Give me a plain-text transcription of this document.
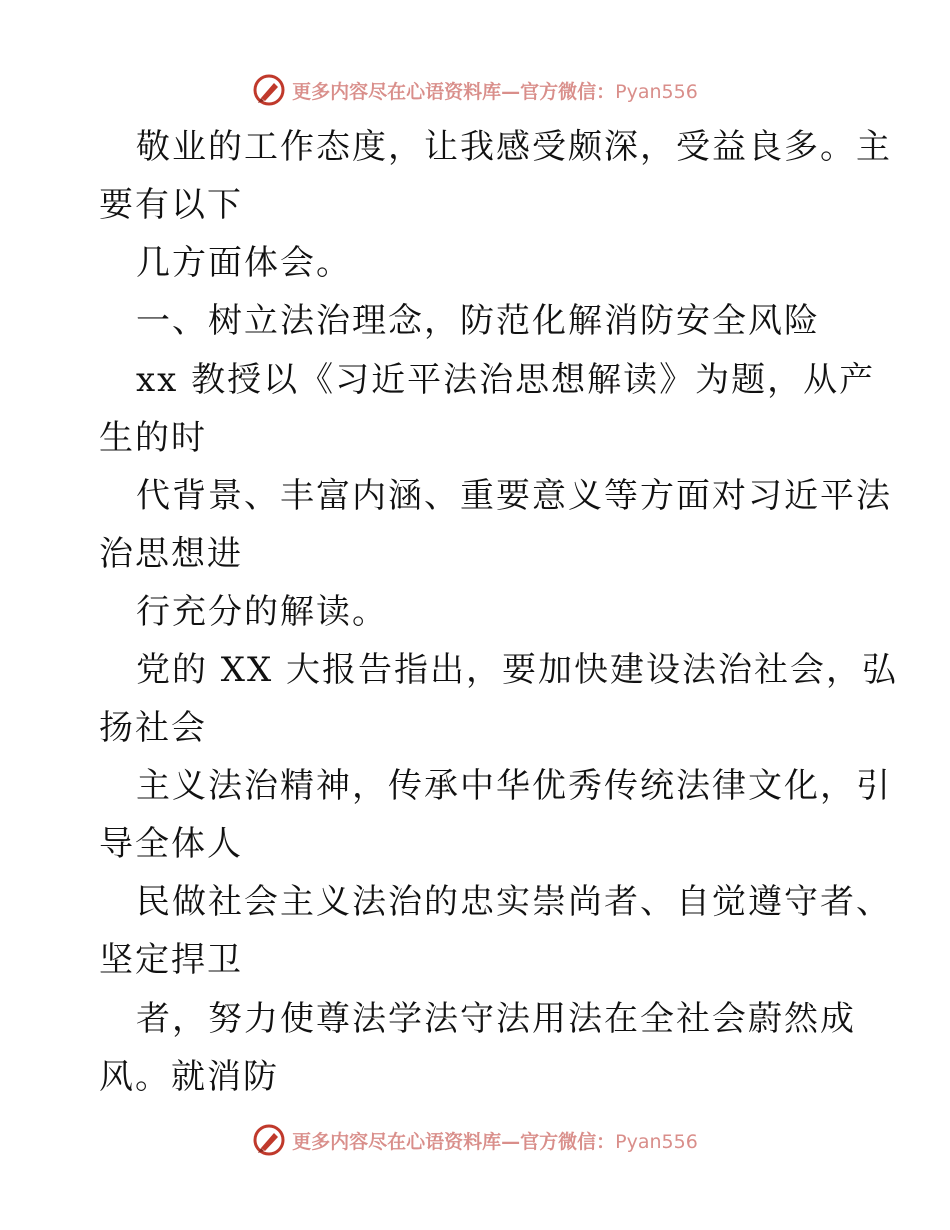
更多内容尽在心语资料库—官方微信：Pyan556
敬业的工作态度，让我感受颇深，受益良多。主
要有以下
几方面体会。
一、树立法治理念，防范化解消防安全风险
xx 教授以《习近平法治思想解读》为题，从产
生的时
代背景、丰富内涵、重要意义等方面对习近平法
治思想进
行充分的解读。
党的 XX 大报告指出，要加快建设法治社会，弘
扬社会
主义法治精神，传承中华优秀传统法律文化，引
导全体人
民做社会主义法治的忠实崇尚者、自觉遵守者、
坚定捍卫
者，努力使尊法学法守法用法在全社会蔚然成
风。就消防
更多内容尽在心语资料库—官方微信：Pyan556
